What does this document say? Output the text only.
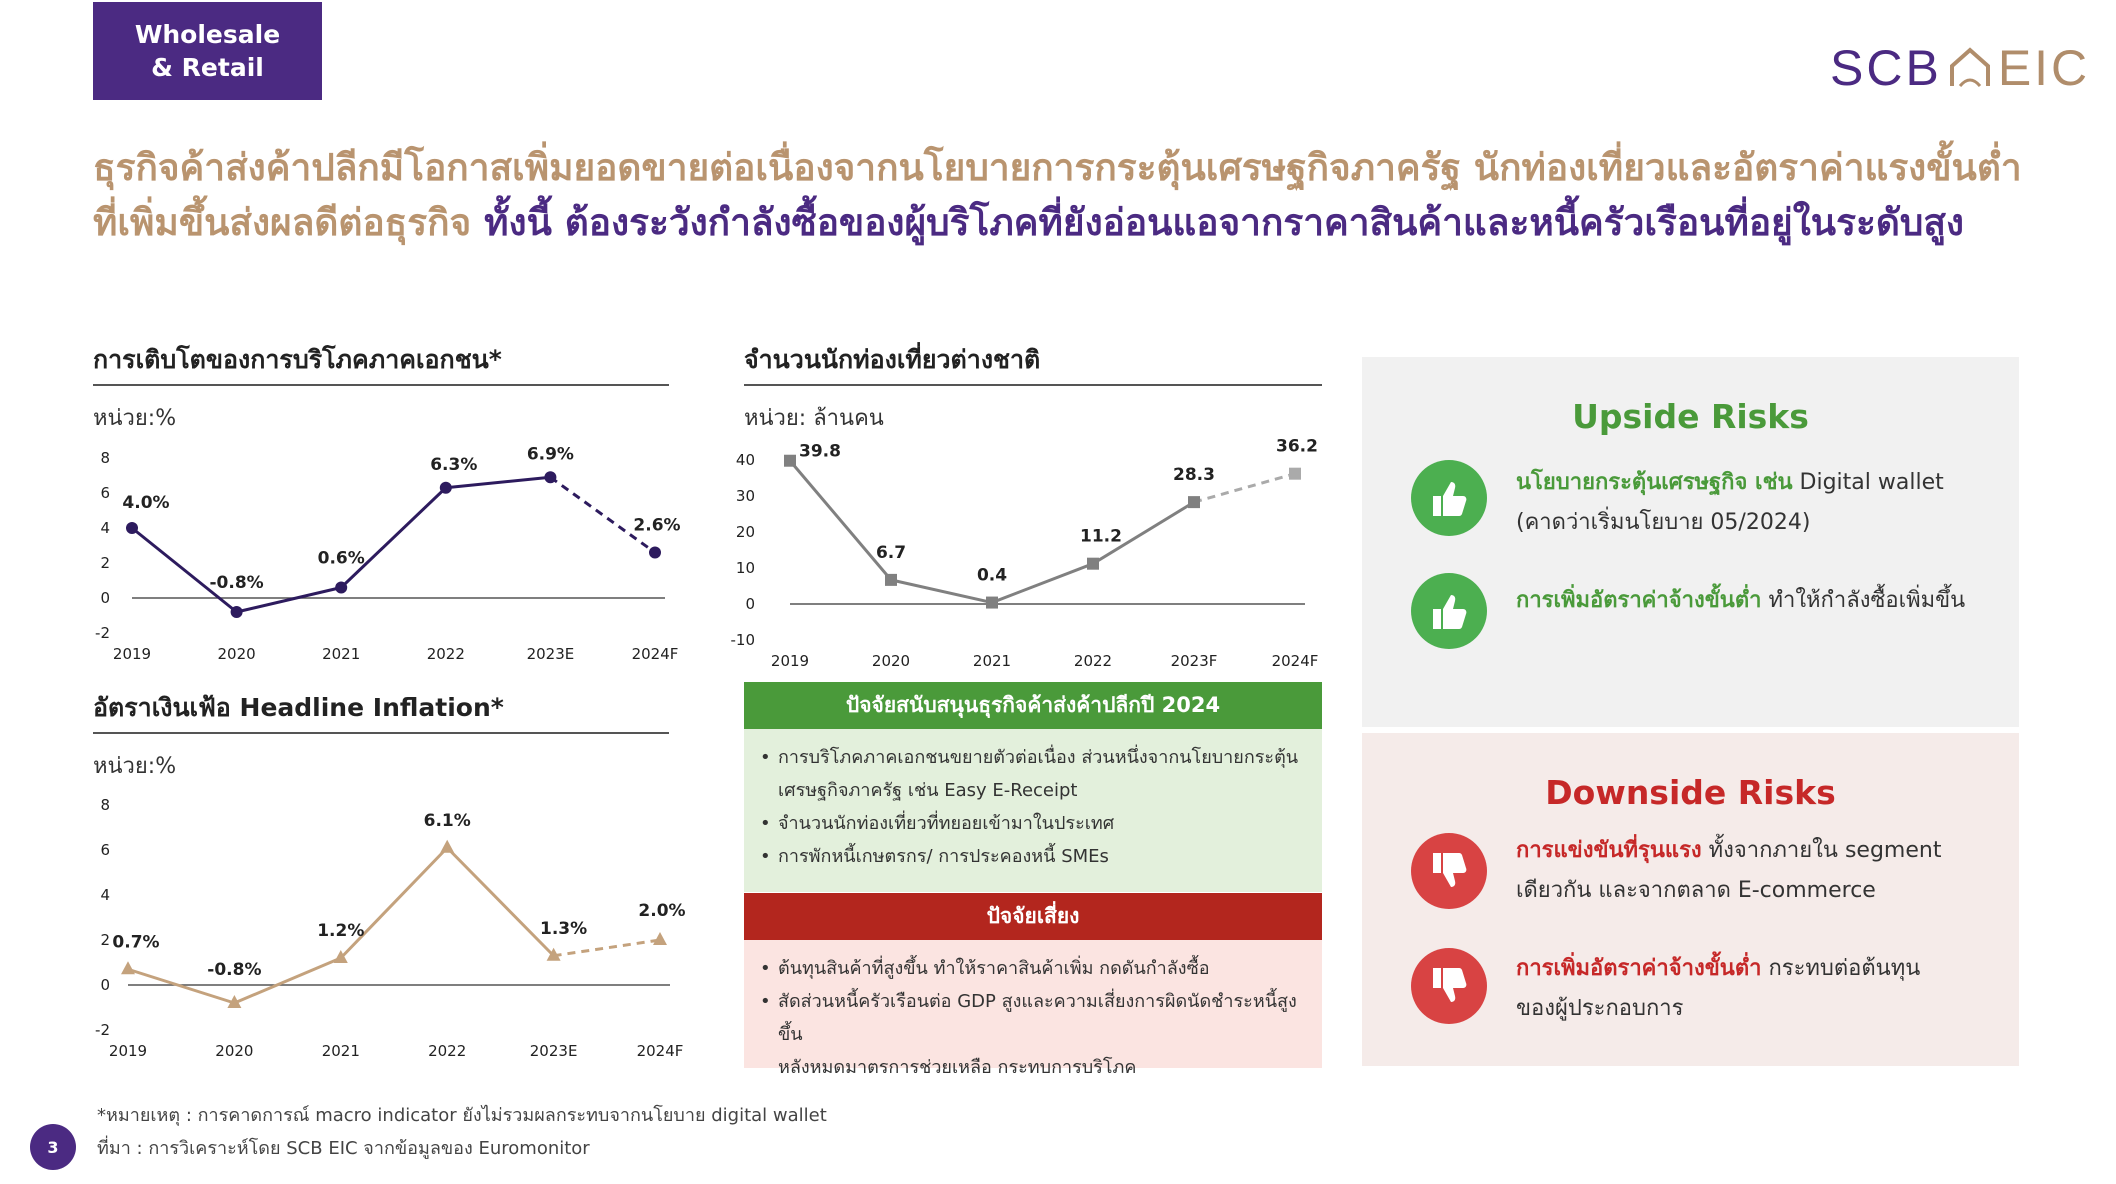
Wholesale
& Retail	SCB EIC
ธุรกิจค้าส่งค้าปลีกมีโอกาสเพิ่มยอดขายต่อเนื่องจากนโยบายการกระตุ้นเศรษฐกิจภาครัฐ นักท่องเที่ยวและอัตราค่าแรงขั้นต่ำที่เพิ่มขึ้นส่งผลดีต่อธุรกิจ ทั้งนี้ ต้องระวังกำลังซื้อของผู้บริโภคที่ยังอ่อนแอจากราคาสินค้าและหนี้ครัวเรือนที่อยู่ในระดับสูง
การเติบโตของการบริโภคภาคเอกชน*
หน่วย:%
-2
0
2
4
6
8
2019	2020	2021	2022	2023E	2024F
4.0%
-0.8%
0.6%
6.3%
6.9%
2.6%
จำนวนนักท่องเที่ยวต่างชาติ
หน่วย: ล้านคน
-10
0
10
20
30
40
2019	2020	2021	2022	2023F	2024F
39.8
6.7
0.4
11.2
28.3
36.2
อัตราเงินเฟ้อ Headline Inflation*
หน่วย:%
-2
0
2
4
6
8
2019	2020	2021	2022	2023E	2024F
0.7%
-0.8%
1.2%
6.1%
1.3%
2.0%
ปัจจัยสนับสนุนธุรกิจค้าส่งค้าปลีกปี 2024
• การบริโภคภาคเอกชนขยายตัวต่อเนื่อง ส่วนหนึ่งจากนโยบายกระตุ้น
เศรษฐกิจภาครัฐ เช่น Easy E-Receipt
• จำนวนนักท่องเที่ยวที่ทยอยเข้ามาในประเทศ
• การพักหนี้เกษตรกร/ การประคองหนี้ SMEs
ปัจจัยเสี่ยง
• ต้นทุนสินค้าที่สูงขึ้น ทำให้ราคาสินค้าเพิ่ม กดดันกำลังซื้อ
• สัดส่วนหนี้ครัวเรือนต่อ GDP สูงและความเสี่ยงการผิดนัดชำระหนี้สูงขึ้น
หลังหมดมาตรการช่วยเหลือ กระทบการบริโภค
Upside Risks
นโยบายกระตุ้นเศรษฐกิจ เช่น Digital wallet
(คาดว่าเริ่มนโยบาย 05/2024)
การเพิ่มอัตราค่าจ้างขั้นต่ำ ทำให้กำลังซื้อเพิ่มขึ้น
Downside Risks
การแข่งขันที่รุนแรง ทั้งจากภายใน segment
เดียวกัน และจากตลาด E-commerce
การเพิ่มอัตราค่าจ้างขั้นต่ำ กระทบต่อต้นทุน
ของผู้ประกอบการ
*หมายเหตุ : การคาดการณ์ macro indicator ยังไม่รวมผลกระทบจากนโยบาย digital wallet
ที่มา : การวิเคราะห์โดย SCB EIC จากข้อมูลของ Euromonitor
3
